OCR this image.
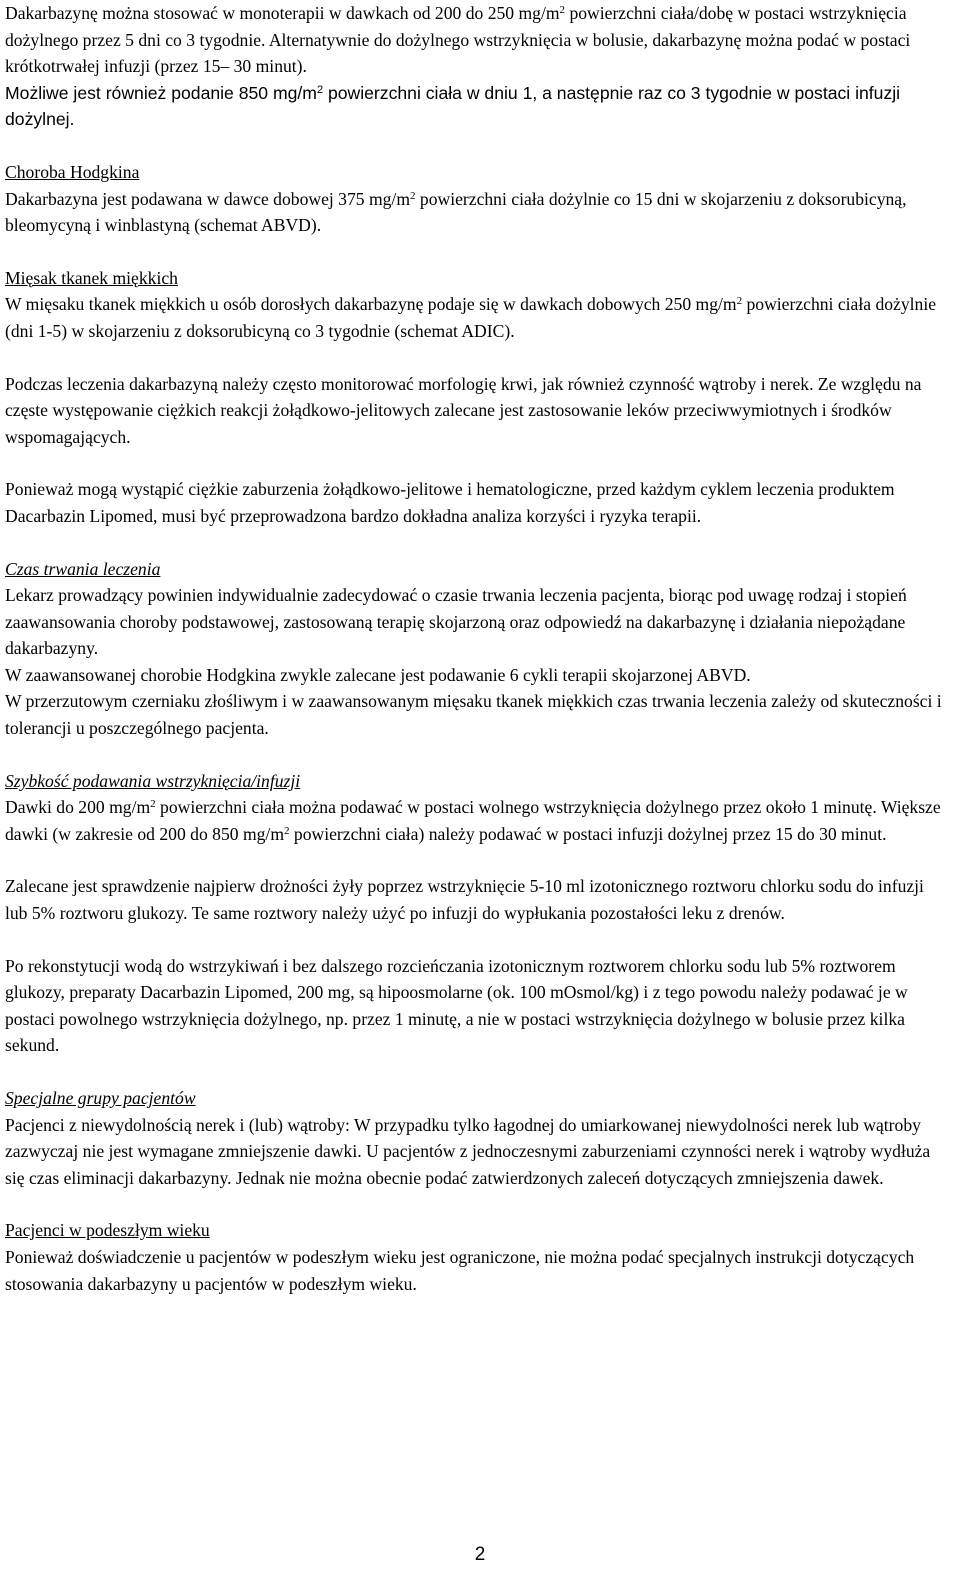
Dakarbazynę można stosować w monoterapii w dawkach od 200 do 250 $mg/m^2$ powierzchni ciała/dobę w postaci wstrzyknięcia dożylnego przez 5 dni co 3 tygodnie. Alternatywnie do dożylnego wstrzyknięcia w bolusie, dakarbazynę można podać w postaci krótkotrwałej infuzji (przez 15– 30 minut).

Możliwe jest również podanie 850 $mg/m^2$ powierzchni ciała w dniu 1, a następnie raz co 3 tygodnie w postaci infuzji dożylnej.

Choroba Hodgkina

Dakarbazyna jest podawana w dawce dobowej 375 $mg/m^2$ powierzchni ciała dożylnie co 15 dni w skojarzeniu z doksorubicyną, bleomycyną i winblastyną (schemat ABVD).

Mięsak tkanek miękkich

W mięsaku tkanek miękkich u osób dorosłych dakarbazynę podaje się w dawkach dobowych 250 $mg/m^2$ powierzchni ciała dożylnie (dni 1-5) w skojarzeniu z doksorubicyną co 3 tygodnie (schemat ADIC).

Podczas leczenia dakarbazyną należy często monitorować morfologię krwi, jak również czynność wątroby i nerek. Ze względu na częste występowanie ciężkich reakcji żołądkowo-jelitowych zalecane jest zastosowanie leków przeciwwymiotnych i środków wspomagających.

Ponieważ mogą wystąpić ciężkie zaburzenia żołądkowo-jelitowe i hematologiczne, przed każdym cyklem leczenia produktem Dacarbazin Lipomed, musi być przeprowadzona bardzo dokładna analiza korzyści i ryzyka terapii.

Czas trwania leczenia

Lekarz prowadzący powinien indywidualnie zadecydować o czasie trwania leczenia pacjenta, biorąc pod uwagę rodzaj i stopień zaawansowania choroby podstawowej, zastosowaną terapię skojarzoną oraz odpowiedź na dakarbazynę i działania niepożądane dakarbazyny.

W zaawansowanej chorobie Hodgkina zwykle zalecane jest podawanie 6 cykli terapii skojarzonej ABVD.

W przerzutowym czerniaku złośliwym i w zaawansowanym mięsaku tkanek miękkich czas trwania leczenia zależy od skuteczności i tolerancji u poszczególnego pacjenta.

Szybkość podawania wstrzyknięcia/infuzji

Dawki do 200 $mg/m^2$ powierzchni ciała można podawać w postaci wolnego wstrzyknięcia dożylnego przez około 1 minutę. Większe dawki (w zakresie od 200 do 850 $mg/m^2$ powierzchni ciała) należy podawać w postaci infuzji dożylnej przez 15 do 30 minut.

Zalecane jest sprawdzenie najpierw drożności żyły poprzez wstrzyknięcie 5-10 ml izotonicznego roztworu chlorku sodu do infuzji lub 5% roztworu glukozy. Te same roztwory należy użyć po infuzji do wypłukania pozostałości leku z drenów.

Po rekonstytucji wodą do wstrzykiwań i bez dalszego rozcieńczania izotonicznym roztworem chlorku sodu lub 5% roztworem glukozy, preparaty Dacarbazin Lipomed, 200 mg, są hipoosmolarne (ok. 100 mOsmol/kg) i z tego powodu należy podawać je w postaci powolnego wstrzyknięcia dożylnego, np. przez 1 minutę, a nie w postaci wstrzyknięcia dożylnego w bolusie przez kilka sekund.

Specjalne grupy pacjentów

Pacjenci z niewydolnością nerek i (lub) wątroby: W przypadku tylko łagodnej do umiarkowanej niewydolności nerek lub wątroby zazwyczaj nie jest wymagane zmniejszenie dawki. U pacjentów z jednoczesnymi zaburzeniami czynności nerek i wątroby wydłuża się czas eliminacji dakarbazyny. Jednak nie można obecnie podać zatwierdzonych zaleceń dotyczących zmniejszenia dawek.

Pacjenci w podeszłym wieku

Ponieważ doświadczenie u pacjentów w podeszłym wieku jest ograniczone, nie można podać specjalnych instrukcji dotyczących stosowania dakarbazyny u pacjentów w podeszłym wieku.

2
